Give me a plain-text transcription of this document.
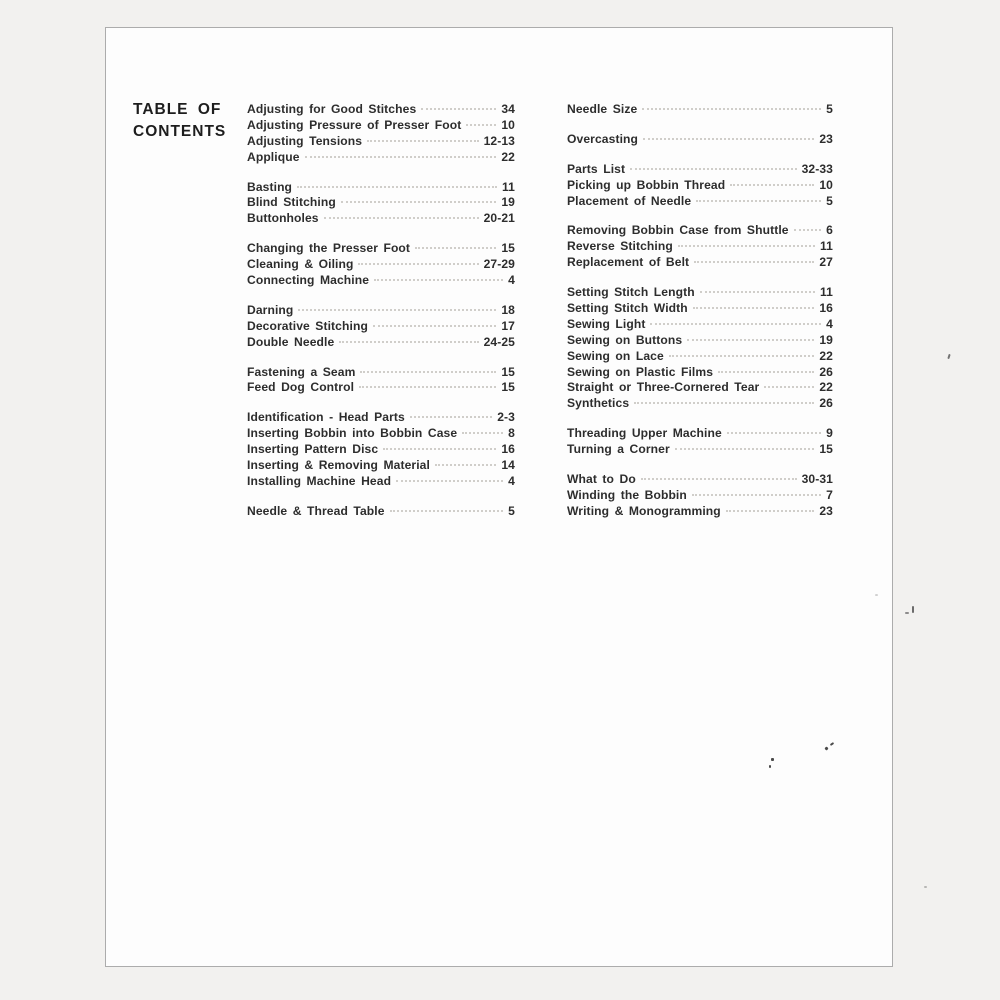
TABLE OF
CONTENTS
Adjusting for Good Stitches	34
Adjusting Pressure of Presser Foot	10
Adjusting Tensions	12-13
Applique	22
Basting	11
Blind Stitching	19
Buttonholes	20-21
Changing the Presser Foot	15
Cleaning & Oiling	27-29
Connecting Machine	4
Darning	18
Decorative Stitching	17
Double Needle	24-25
Fastening a Seam	15
Feed Dog Control	15
Identification - Head Parts	2-3
Inserting Bobbin into Bobbin Case	8
Inserting Pattern Disc	16
Inserting & Removing Material	14
Installing Machine Head	4
Needle & Thread Table	5
Needle Size	5
Overcasting	23
Parts List	32-33
Picking up Bobbin Thread	10
Placement of Needle	5
Removing Bobbin Case from Shuttle	6
Reverse Stitching	11
Replacement of Belt	27
Setting Stitch Length	11
Setting Stitch Width	16
Sewing Light	4
Sewing on Buttons	19
Sewing on Lace	22
Sewing on Plastic Films	26
Straight or Three-Cornered Tear	22
Synthetics	26
Threading Upper Machine	9
Turning a Corner	15
What to Do	30-31
Winding the Bobbin	7
Writing & Monogramming	23
